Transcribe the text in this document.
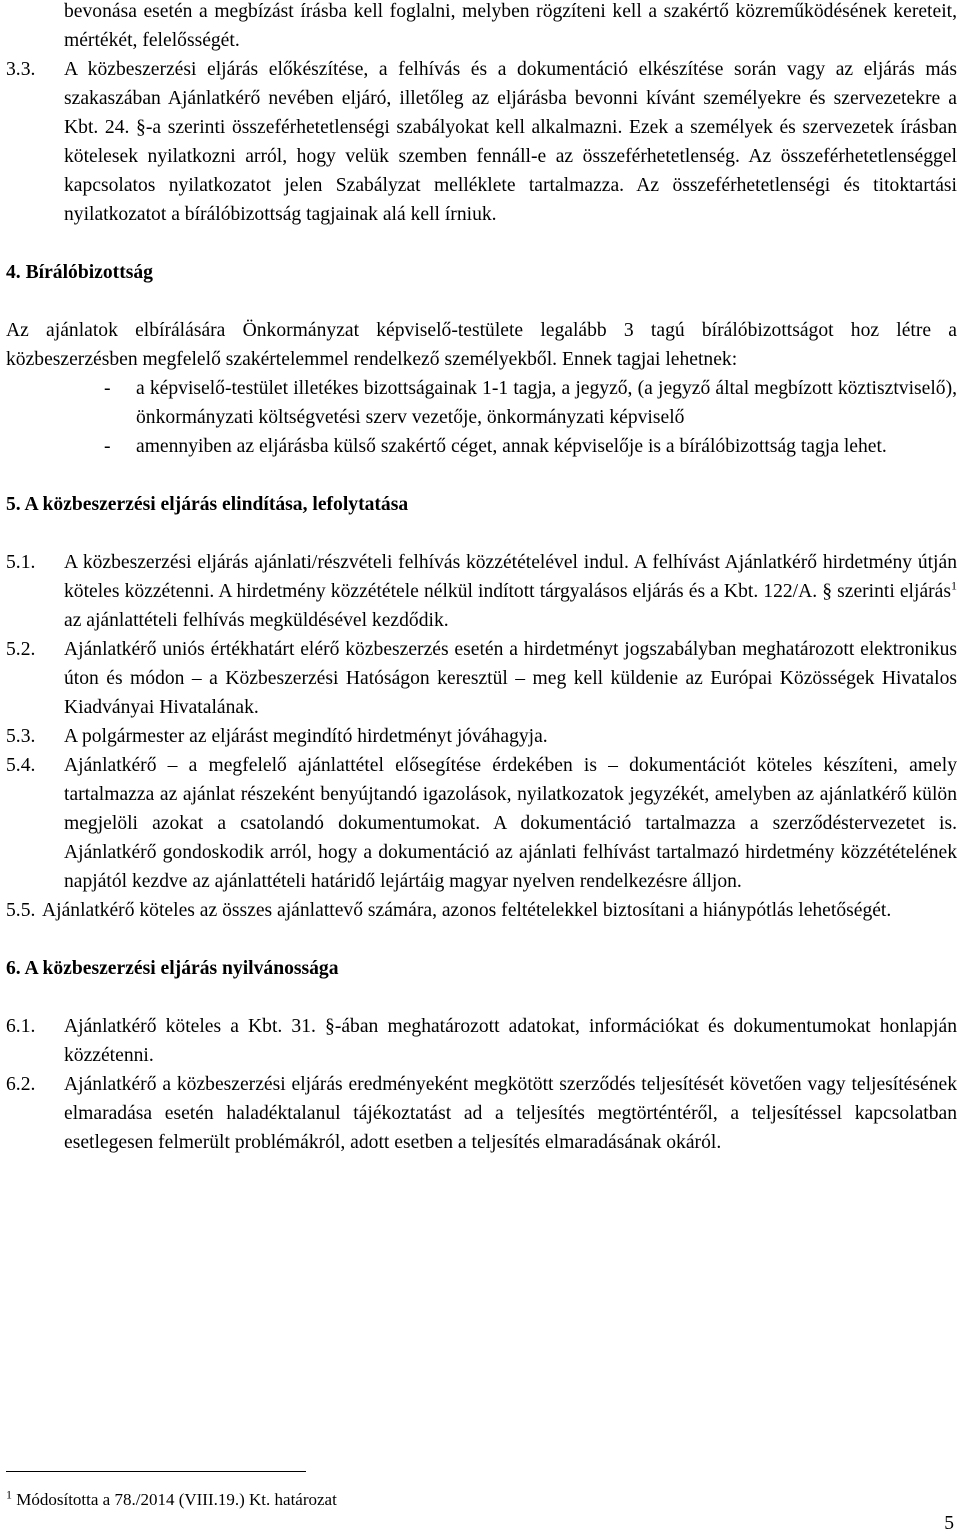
bevonása esetén a megbízást írásba kell foglalni, melyben rögzíteni kell a szakértő közreműködésének kereteit, mértékét, felelősségét.

3.3.	A közbeszerzési eljárás előkészítése, a felhívás és a dokumentáció elkészítése során vagy az eljárás más szakaszában Ajánlatkérő nevében eljáró, illetőleg az eljárásba bevonni kívánt személyekre és szervezetekre a Kbt. 24. §-a szerinti összeférhetetlenségi szabályokat kell alkalmazni. Ezek a személyek és szervezetek írásban kötelesek nyilatkozni arról, hogy velük szemben fennáll-e az összeférhetetlenség. Az összeférhetetlenséggel kapcsolatos nyilatkozatot jelen Szabályzat melléklete tartalmazza. Az összeférhetetlenségi és titoktartási nyilatkozatot a bírálóbizottság tagjainak alá kell írniuk.
4. Bírálóbizottság

Az ajánlatok elbírálására Önkormányzat képviselő-testülete legalább 3 tagú bírálóbizottságot hoz létre a közbeszerzésben megfelelő szakértelemmel rendelkező személyekből. Ennek tagjai lehetnek:

-	a képviselő-testület illetékes bizottságainak 1-1 tagja, a jegyző, (a jegyző által megbízott köztisztviselő), önkormányzati költségvetési szerv vezetője, önkormányzati képviselő
-	amennyiben az eljárásba külső szakértő céget, annak képviselője is a bírálóbizottság tagja lehet.
5. A közbeszerzési eljárás elindítása, lefolytatása
5.1.	A közbeszerzési eljárás ajánlati/részvételi felhívás közzétételével indul. A felhívást Ajánlatkérő hirdetmény útján köteles közzétenni. A hirdetmény közzététele nélkül indított tárgyalásos eljárás és a Kbt. 122/A. § szerinti eljárás$^1$ az ajánlattételi felhívás megküldésével kezdődik.
5.2.	Ajánlatkérő uniós értékhatárt elérő közbeszerzés esetén a hirdetményt jogszabályban meghatározott elektronikus úton és módon – a Közbeszerzési Hatóságon keresztül – meg kell küldenie az Európai Közösségek Hivatalos Kiadványai Hivatalának.
5.3.	A polgármester az eljárást megindító hirdetményt jóváhagyja.
5.4.	Ajánlatkérő – a megfelelő ajánlattétel elősegítése érdekében is – dokumentációt köteles készíteni, amely tartalmazza az ajánlat részeként benyújtandó igazolások, nyilatkozatok jegyzékét, amelyben az ajánlatkérő külön megjelöli azokat a csatolandó dokumentumokat. A dokumentáció tartalmazza a szerződéstervezetet is. Ajánlatkérő gondoskodik arról, hogy a dokumentáció az ajánlati felhívást tartalmazó hirdetmény közzétételének napjától kezdve az ajánlattételi határidő lejártáig magyar nyelven rendelkezésre álljon.
5.5. Ajánlatkérő köteles az összes ajánlattevő számára, azonos feltételekkel biztosítani a hiánypótlás lehetőségét.
6. A közbeszerzési eljárás nyilvánossága
6.1.	Ajánlatkérő köteles a Kbt. 31. §-ában meghatározott adatokat, információkat és dokumentumokat honlapján közzétenni.
6.2.	Ajánlatkérő a közbeszerzési eljárás eredményeként megkötött szerződés teljesítését követően vagy teljesítésének elmaradása esetén haladéktalanul tájékoztatást ad a teljesítés megtörténtéről, a teljesítéssel kapcsolatban esetlegesen felmerült problémákról, adott esetben a teljesítés elmaradásának okáról.
$^1$ Módosította a 78./2014 (VIII.19.) Kt. határozat
5
